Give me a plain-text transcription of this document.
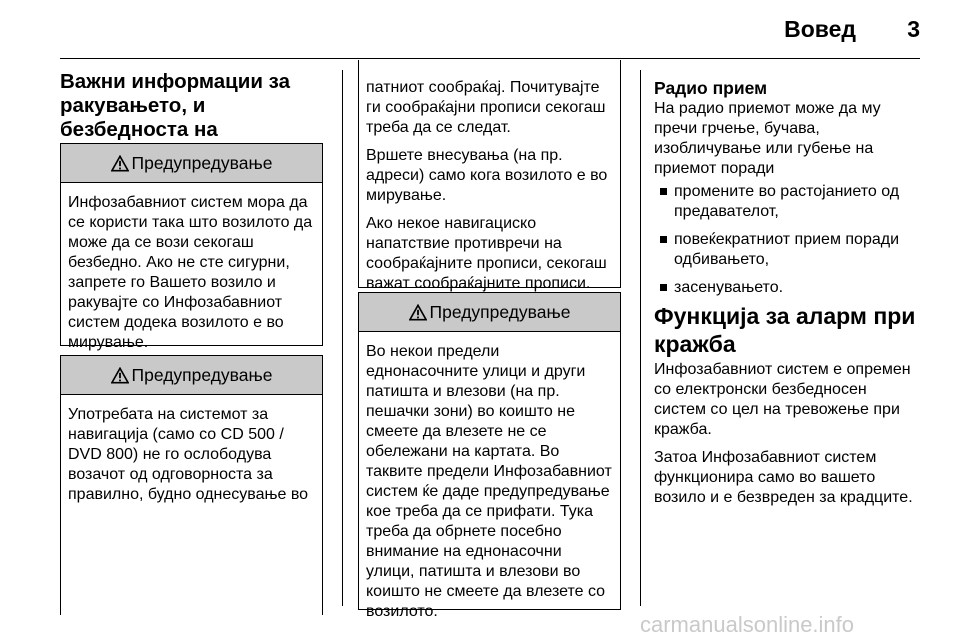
Вовед	3
Важни информации за ракувањето, и безбедноста на
Предупредување
Инфозабавниот систем мора да се користи така што возилото да може да се вози секогаш безбедно. Ако не сте сигурни, запрете го Вашето возило и ракувајте со Инфозабавниот систем додека возилото е во мирување.
Предупредување
Употребата на системот за навигација (само со CD 500 / DVD 800) не го ослободува возачот од одговорноста за правилно, будно однесување во

патниот сообраќај. Почитувајте ги сообраќајни прописи секогаш треба да се следат.

Вршете внесувања (на пр. адреси) само кога возилото е во мирување.

Ако некое навигациско напатствие противречи на сообраќајните прописи, секогаш важат сообраќајните прописи.

Предупредување
Во некои предели еднонасочните улици и други патишта и влезови (на пр. пешачки зони) во коишто не смеете да влезете не се обележани на картата. Во таквите предели Инфозабавниот систем ќе даде предупредување кое треба да се прифати. Тука треба да обрнете посебно внимание на еднонасочни улици, патишта и влезови во коишто не смеете да влезете со возилото.
Радио прием
На радио приемот може да му пречи грчење, бучава, изобличување или губење на приемот поради
промените во растојанието од предавателот,
повеќекратниот прием поради одбивањето,
засенувањето.
Функција за аларм при кражба

Инфозабавниот систем е опремен со електронски безбедносен систем со цел на тревожење при кражба.

Затоа Инфозабавниот систем функционира само во вашето возило и е безвреден за крадците.

carmanualsonline.info
